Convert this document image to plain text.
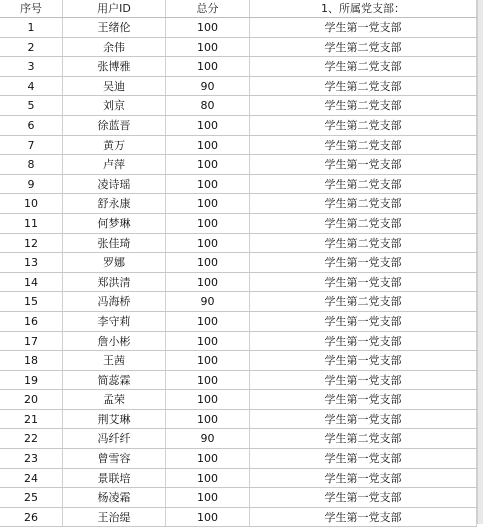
序号	用户ID	总分	1、所属党支部：
1	王绪伦	100	学生第一党支部
2	余伟	100	学生第二党支部
3	张博雅	100	学生第二党支部
4	吴迪	90	学生第二党支部
5	刘京	80	学生第二党支部
6	徐蓝晋	100	学生第二党支部
7	黄万	100	学生第二党支部
8	卢萍	100	学生第一党支部
9	凌诗瑶	100	学生第二党支部
10	舒永康	100	学生第二党支部
11	何梦琳	100	学生第二党支部
12	张佳琦	100	学生第二党支部
13	罗娜	100	学生第一党支部
14	郑洪清	100	学生第一党支部
15	冯海桥	90	学生第二党支部
16	李守莉	100	学生第一党支部
17	詹小彬	100	学生第一党支部
18	王茜	100	学生第一党支部
19	简蕊霖	100	学生第一党支部
20	孟荣	100	学生第一党支部
21	荆艾琳	100	学生第一党支部
22	冯纤纤	90	学生第二党支部
23	曾雪容	100	学生第一党支部
24	景联培	100	学生第一党支部
25	杨凌霜	100	学生第一党支部
26	王治缇	100	学生第一党支部
